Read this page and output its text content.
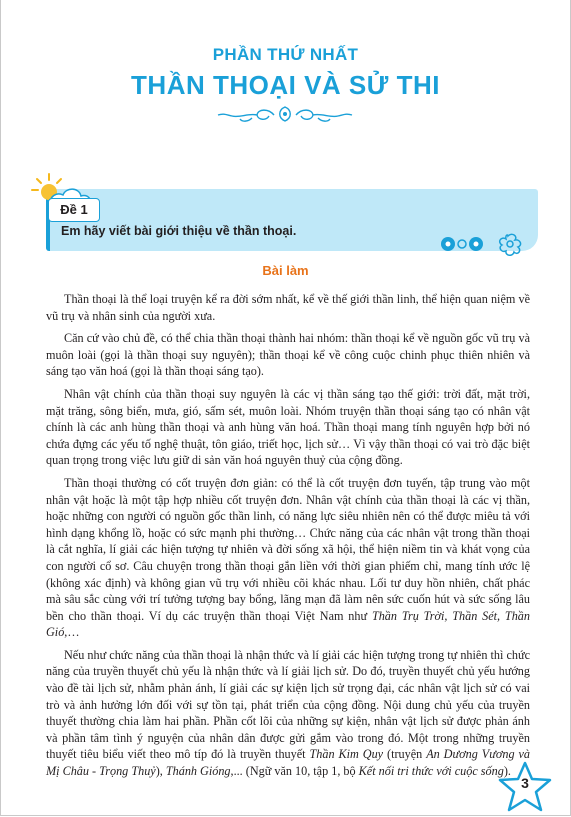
PHẦN THỨ NHẤT
THẦN THOẠI VÀ SỬ THI
Đề 1
Em hãy viết bài giới thiệu về thần thoại.
Bài làm

Thần thoại là thể loại truyện kể ra đời sớm nhất, kể về thế giới thần linh, thể hiện quan niệm về vũ trụ và nhân sinh của người xưa.

Căn cứ vào chủ đề, có thể chia thần thoại thành hai nhóm: thần thoại kể về nguồn gốc vũ trụ và muôn loài (gọi là thần thoại suy nguyên); thần thoại kể về công cuộc chinh phục thiên nhiên và sáng tạo văn hoá (gọi là thần thoại sáng tạo).

Nhân vật chính của thần thoại suy nguyên là các vị thần sáng tạo thế giới: trời đất, mặt trời, mặt trăng, sông biển, mưa, gió, sấm sét, muôn loài. Nhóm truyện thần thoại sáng tạo có nhân vật chính là các anh hùng thần thoại và anh hùng văn hoá. Thần thoại mang tính nguyên hợp bởi nó chứa đựng các yếu tố nghệ thuật, tôn giáo, triết học, lịch sử… Vì vậy thần thoại có vai trò đặc biệt quan trọng trong việc lưu giữ di sản văn hoá nguyên thuỷ của cộng đồng.

Thần thoại thường có cốt truyện đơn giản: có thể là cốt truyện đơn tuyến, tập trung vào một nhân vật hoặc là một tập hợp nhiều cốt truyện đơn. Nhân vật chính của thần thoại là các vị thần, hoặc những con người có nguồn gốc thần linh, có năng lực siêu nhiên nên có thể được miêu tả với hình dạng khổng lồ, hoặc có sức mạnh phi thường… Chức năng của các nhân vật trong thần thoại là cắt nghĩa, lí giải các hiện tượng tự nhiên và đời sống xã hội, thể hiện niềm tin và khát vọng của con người cổ sơ. Câu chuyện trong thần thoại gắn liền với thời gian phiếm chỉ, mang tính ước lệ (không xác định) và không gian vũ trụ với nhiều cõi khác nhau. Lối tư duy hồn nhiên, chất phác mà sâu sắc cùng với trí tưởng tượng bay bổng, lãng mạn đã làm nên sức cuốn hút và sức sống lâu bền cho thần thoại. Ví dụ các truyện thần thoại Việt Nam như Thần Trụ Trời, Thần Sét, Thần Gió,…

Nếu như chức năng của thần thoại là nhận thức và lí giải các hiện tượng trong tự nhiên thì chức năng của truyền thuyết chủ yếu là nhận thức và lí giải lịch sử. Do đó, truyền thuyết chủ yếu hướng vào đề tài lịch sử, nhằm phản ánh, lí giải các sự kiện lịch sử trọng đại, các nhân vật lịch sử có vai trò và ảnh hưởng lớn đối với sự tồn tại, phát triển của cộng đồng. Nội dung chủ yếu của truyền thuyết thường chia làm hai phần. Phần cốt lõi của những sự kiện, nhân vật lịch sử được phản ánh và phần tâm tình ý nguyện của nhân dân được gửi gắm vào trong đó. Một trong những truyền thuyết tiêu biểu viết theo mô típ đó là truyền thuyết Thần Kim Quy (truyện An Dương Vương và Mị Châu - Trọng Thuỷ), Thánh Gióng,... (Ngữ văn 10, tập 1, bộ Kết nối tri thức với cuộc sống).

3
